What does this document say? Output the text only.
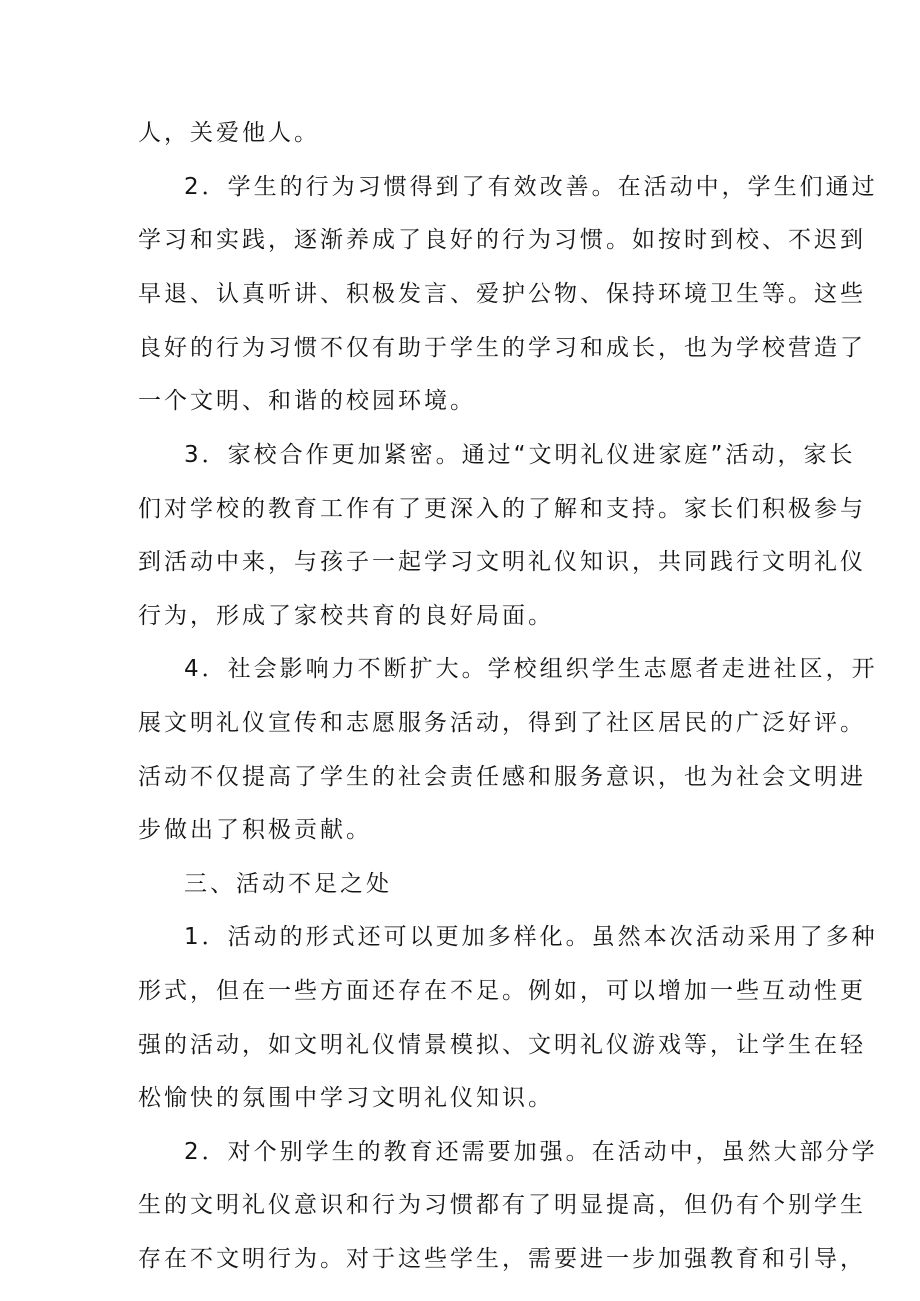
人，关爱他人。
2．学生的行为习惯得到了有效改善。在活动中，学生们通过
学习和实践，逐渐养成了良好的行为习惯。如按时到校、不迟到
早退、认真听讲、积极发言、爱护公物、保持环境卫生等。这些
良好的行为习惯不仅有助于学生的学习和成长，也为学校营造了
一个文明、和谐的校园环境。
3．家校合作更加紧密。通过“文明礼仪进家庭”活动，家长
们对学校的教育工作有了更深入的了解和支持。家长们积极参与
到活动中来，与孩子一起学习文明礼仪知识，共同践行文明礼仪
行为，形成了家校共育的良好局面。
4．社会影响力不断扩大。学校组织学生志愿者走进社区，开
展文明礼仪宣传和志愿服务活动，得到了社区居民的广泛好评。
活动不仅提高了学生的社会责任感和服务意识，也为社会文明进
步做出了积极贡献。
三、活动不足之处
1．活动的形式还可以更加多样化。虽然本次活动采用了多种
形式，但在一些方面还存在不足。例如，可以增加一些互动性更
强的活动，如文明礼仪情景模拟、文明礼仪游戏等，让学生在轻
松愉快的氛围中学习文明礼仪知识。
2．对个别学生的教育还需要加强。在活动中，虽然大部分学
生的文明礼仪意识和行为习惯都有了明显提高，但仍有个别学生
存在不文明行为。对于这些学生，需要进一步加强教育和引导，
